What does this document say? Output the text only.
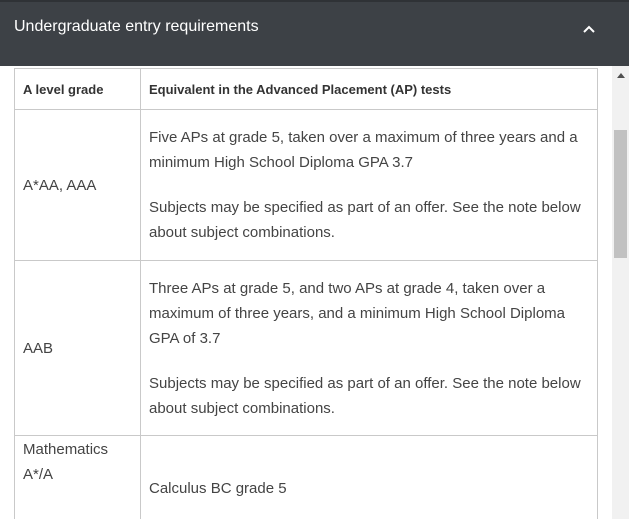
Undergraduate entry requirements
A level grade	Equivalent in the Advanced Placement (AP) tests
A*AA, AAA	Five APs at grade 5, taken over a maximum of three years and a minimum High School Diploma GPA 3.7

Subjects may be specified as part of an offer. See the note below about subject combinations.

AAB	Three APs at grade 5, and two APs at grade 4, taken over a maximum of three years, and a minimum High School Diploma GPA of 3.7

Subjects may be specified as part of an offer. See the note below about subject combinations.

Mathematics A*/A	Calculus BC grade 5
